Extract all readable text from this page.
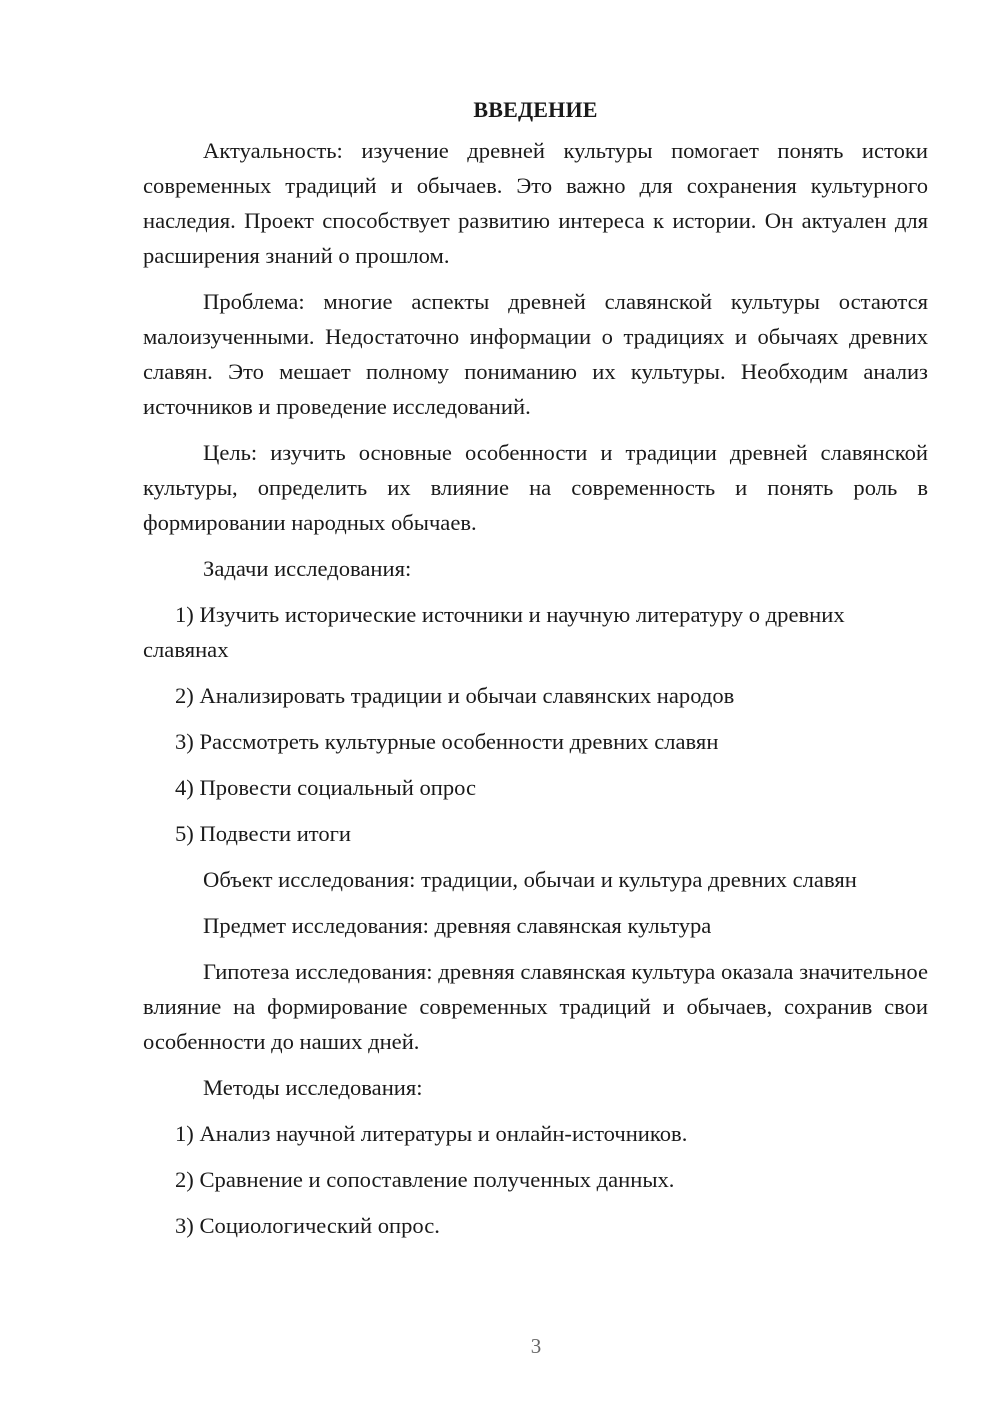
ВВЕДЕНИЕ

Актуальность: изучение древней культуры помогает понять истоки современных традиций и обычаев. Это важно для сохранения культурного наследия. Проект способствует развитию интереса к истории. Он актуален для расширения знаний о прошлом.

Проблема: многие аспекты древней славянской культуры остаются малоизученными. Недостаточно информации о традициях и обычаях древних славян. Это мешает полному пониманию их культуры. Необходим анализ источников и проведение исследований.

Цель: изучить основные особенности и традиции древней славянской культуры, определить их влияние на современность и понять роль в формировании народных обычаев.

Задачи исследования:

1) Изучить исторические источники и научную литературу о древних славянах

2) Анализировать традиции и обычаи славянских народов

3) Рассмотреть культурные особенности древних славян

4) Провести социальный опрос

5) Подвести итоги

Объект исследования: традиции, обычаи и культура древних славян

Предмет исследования: древняя славянская культура

Гипотеза исследования: древняя славянская культура оказала значительное влияние на формирование современных традиций и обычаев, сохранив свои особенности до наших дней.

Методы исследования:

1) Анализ научной литературы и онлайн-источников.

2) Сравнение и сопоставление полученных данных.

3) Социологический опрос.

3
